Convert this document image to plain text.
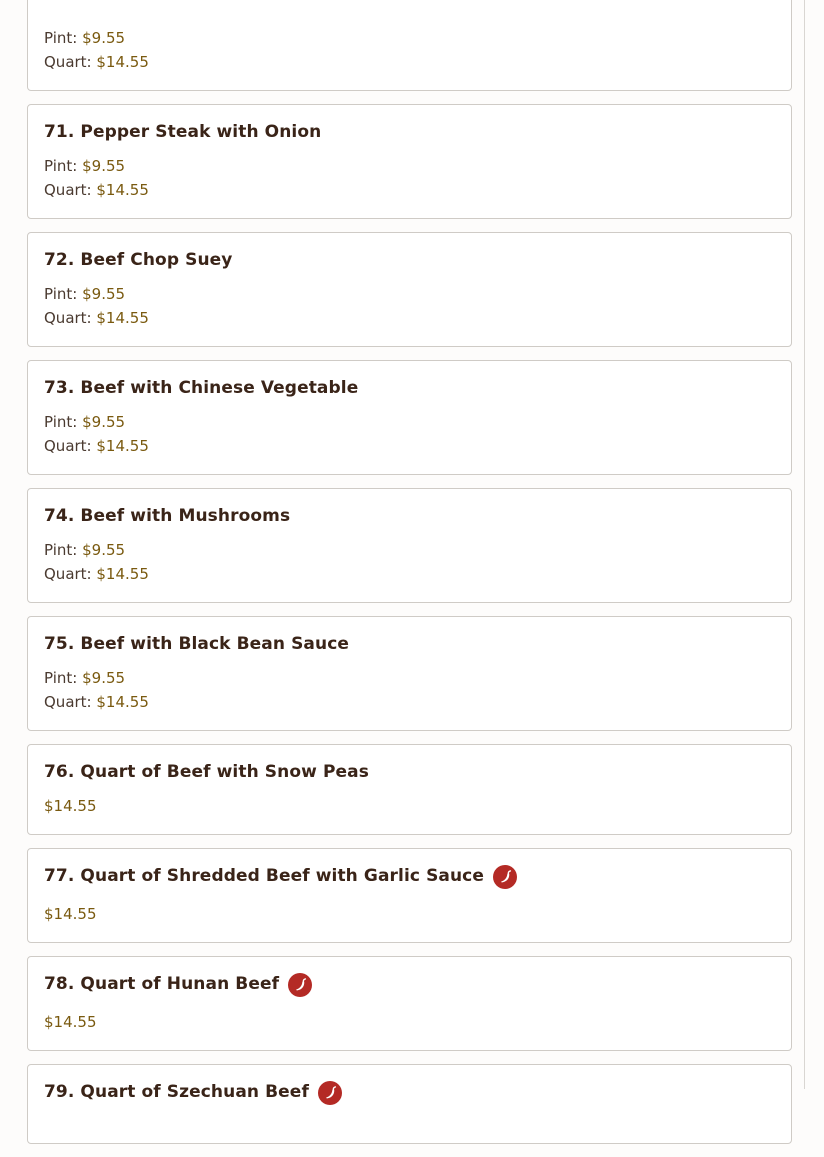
Pint: $9.55
Quart: $14.55
71. Pepper Steak with Onion
Pint: $9.55
Quart: $14.55
72. Beef Chop Suey
Pint: $9.55
Quart: $14.55
73. Beef with Chinese Vegetable
Pint: $9.55
Quart: $14.55
74. Beef with Mushrooms
Pint: $9.55
Quart: $14.55
75. Beef with Black Bean Sauce
Pint: $9.55
Quart: $14.55
76. Quart of Beef with Snow Peas
$14.55
77. Quart of Shredded Beef with Garlic Sauce
$14.55
78. Quart of Hunan Beef
$14.55
79. Quart of Szechuan Beef
